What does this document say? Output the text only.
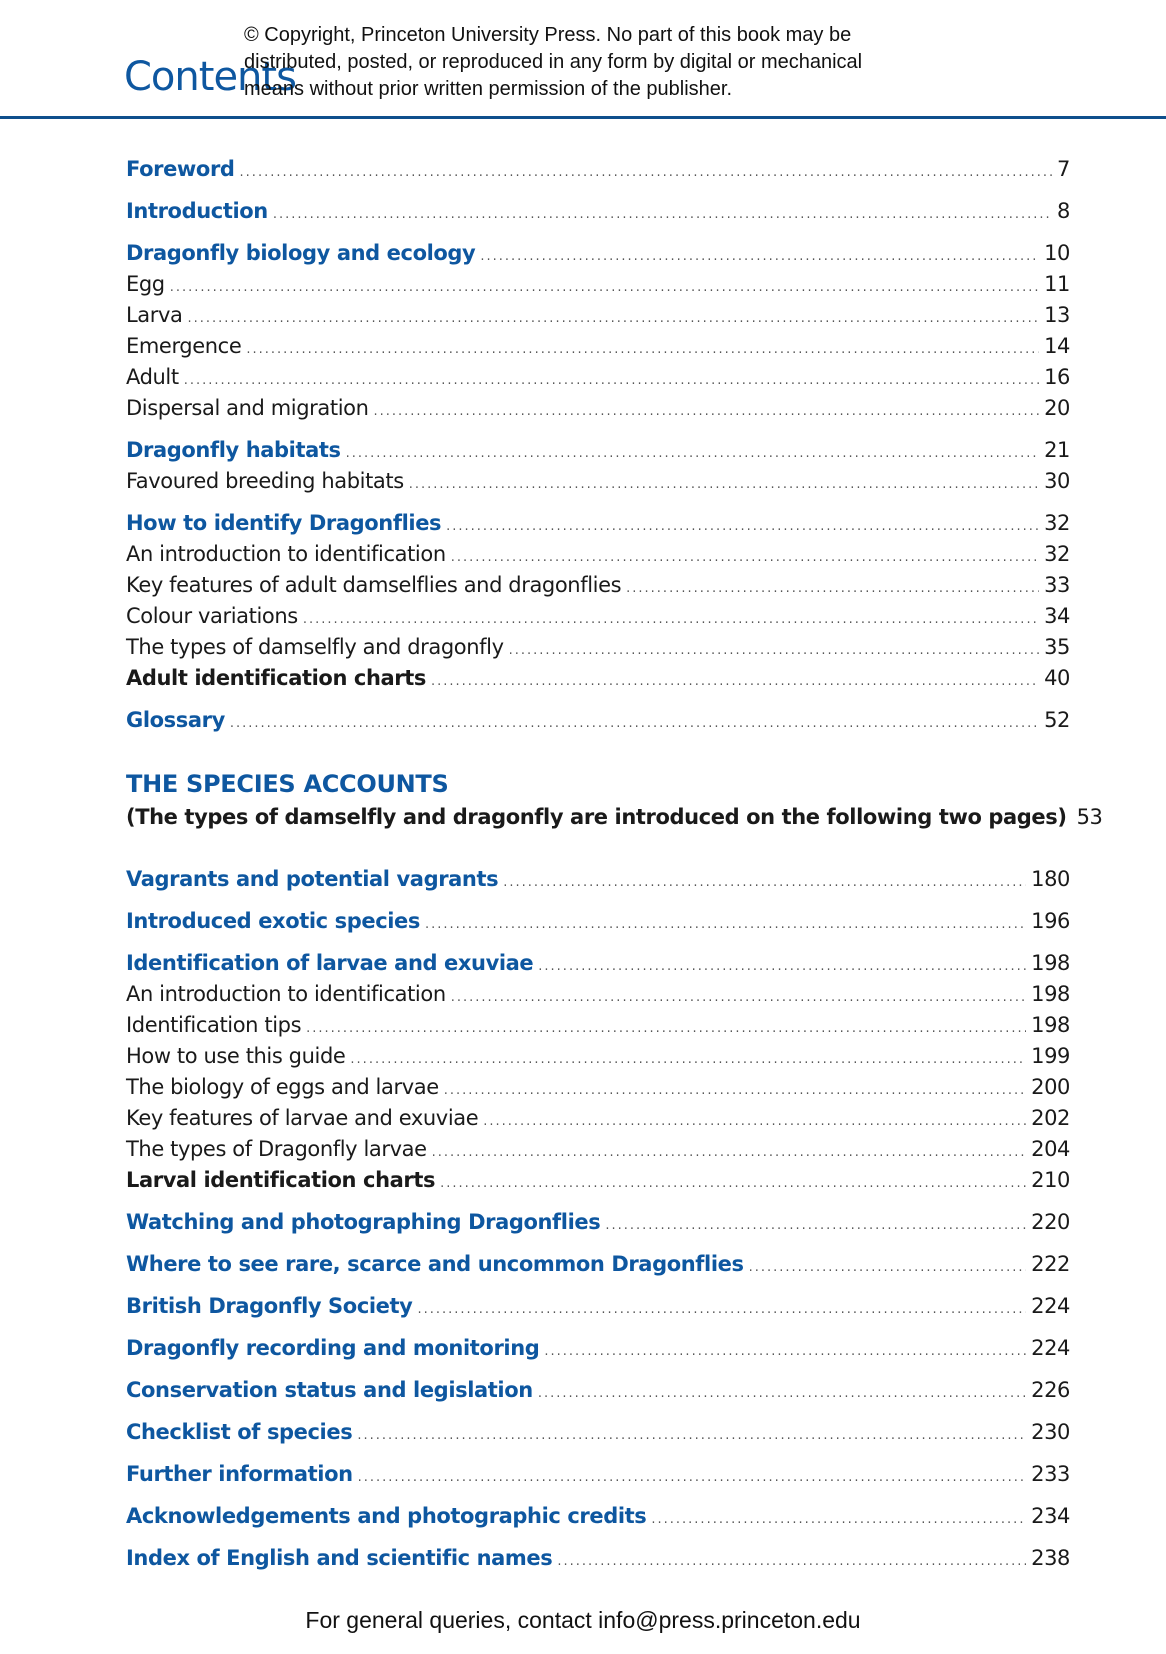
© Copyright, Princeton University Press. No part of this book may be
distributed, posted, or reproduced in any form by digital or mechanical
means without prior written permission of the publisher.
Contents
Foreword .....	7
Introduction .....	8
Dragonfly biology and ecology .....	10
Egg .....	11
Larva .....	13
Emergence .....	14
Adult .....	16
Dispersal and migration .....	20
Dragonfly habitats .....	21
Favoured breeding habitats .....	30
How to identify Dragonflies .....	32
An introduction to identification .....	32
Key features of adult damselflies and dragonflies .....	33
Colour variations .....	34
The types of damselfly and dragonfly .....	35
Adult identification charts .....	40
Glossary .....	52
THE SPECIES ACCOUNTS
(The types of damselfly and dragonfly are introduced on the following two pages) 53
Vagrants and potential vagrants .....	180
Introduced exotic species .....	196
Identification of larvae and exuviae .....	198
An introduction to identification .....	198
Identification tips .....	198
How to use this guide .....	199
The biology of eggs and larvae .....	200
Key features of larvae and exuviae .....	202
The types of Dragonfly larvae .....	204
Larval identification charts .....	210
Watching and photographing Dragonflies .....	220
Where to see rare, scarce and uncommon Dragonflies .....	222
British Dragonfly Society .....	224
Dragonfly recording and monitoring .....	224
Conservation status and legislation .....	226
Checklist of species .....	230
Further information .....	233
Acknowledgements and photographic credits .....	234
Index of English and scientific names .....	238
For general queries, contact info@press.princeton.edu
